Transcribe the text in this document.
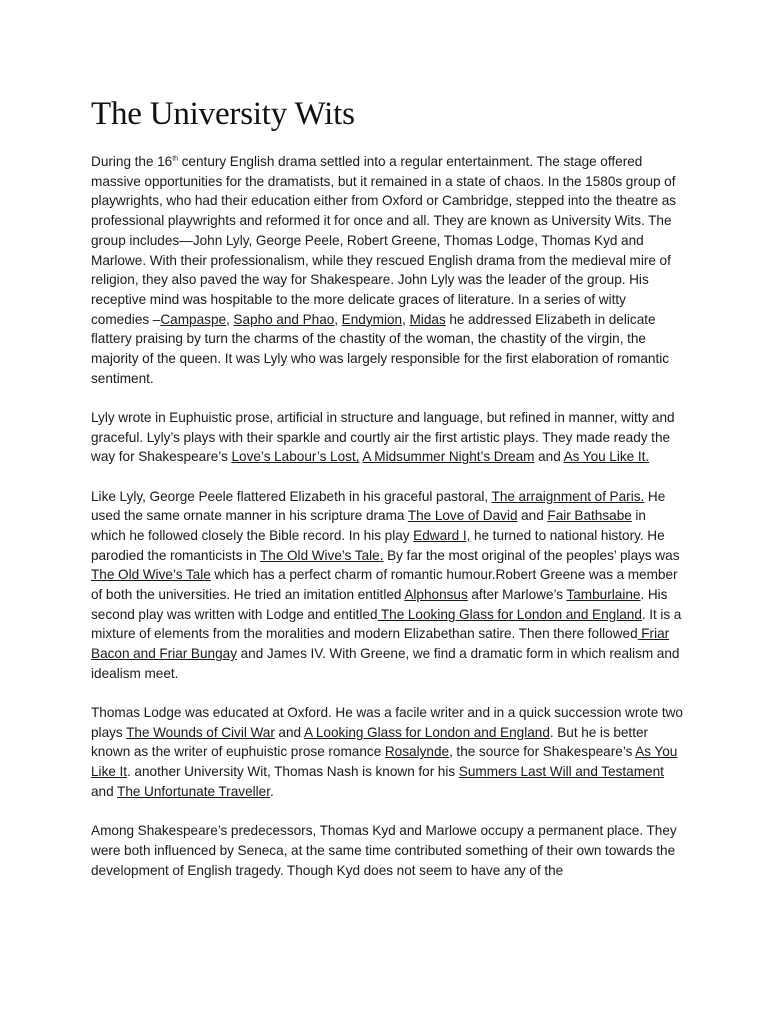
The University Wits

During the 16th century English drama settled into a regular entertainment. The stage offered massive opportunities for the dramatists, but it remained in a state of chaos. In the 1580s group of playwrights, who had their education either from Oxford or Cambridge, stepped into the theatre as professional playwrights and reformed it for once and all. They are known as University Wits. The group includes—John Lyly, George Peele, Robert Greene, Thomas Lodge, Thomas Kyd and Marlowe. With their professionalism, while they rescued English drama from the medieval mire of religion, they also paved the way for Shakespeare. John Lyly was the leader of the group. His receptive mind was hospitable to the more delicate graces of literature. In a series of witty comedies –Campaspe, Sapho and Phao, Endymion, Midas he addressed Elizabeth in delicate flattery praising by turn the charms of the chastity of the woman, the chastity of the virgin, the majority of the queen. It was Lyly who was largely responsible for the first elaboration of romantic sentiment.

Lyly wrote in Euphuistic prose, artificial in structure and language, but refined in manner, witty and graceful. Lyly’s plays with their sparkle and courtly air the first artistic plays. They made ready the way for Shakespeare’s Love’s Labour’s Lost, A Midsummer Night’s Dream and As You Like It.

Like Lyly, George Peele flattered Elizabeth in his graceful pastoral, The arraignment of Paris. He used the same ornate manner in his scripture drama The Love of David and Fair Bathsabe in which he followed closely the Bible record. In his play Edward I, he turned to national history. He parodied the romanticists in The Old Wive’s Tale. By far the most original of the peoples’ plays was The Old Wive’s Tale which has a perfect charm of romantic humour.Robert Greene was a member of both the universities. He tried an imitation entitled Alphonsus after Marlowe’s Tamburlaine. His second play was written with Lodge and entitled The Looking Glass for London and England. It is a mixture of elements from the moralities and modern Elizabethan satire. Then there followed Friar Bacon and Friar Bungay and James IV. With Greene, we find a dramatic form in which realism and idealism meet.

Thomas Lodge was educated at Oxford. He was a facile writer and in a quick succession wrote two plays The Wounds of Civil War and A Looking Glass for London and England. But he is better known as the writer of euphuistic prose romance Rosalynde, the source for Shakespeare’s As You Like It. another University Wit, Thomas Nash is known for his Summers Last Will and Testament and The Unfortunate Traveller.

Among Shakespeare’s predecessors, Thomas Kyd and Marlowe occupy a permanent place. They were both influenced by Seneca, at the same time contributed something of their own towards the development of English tragedy. Though Kyd does not seem to have any of the
